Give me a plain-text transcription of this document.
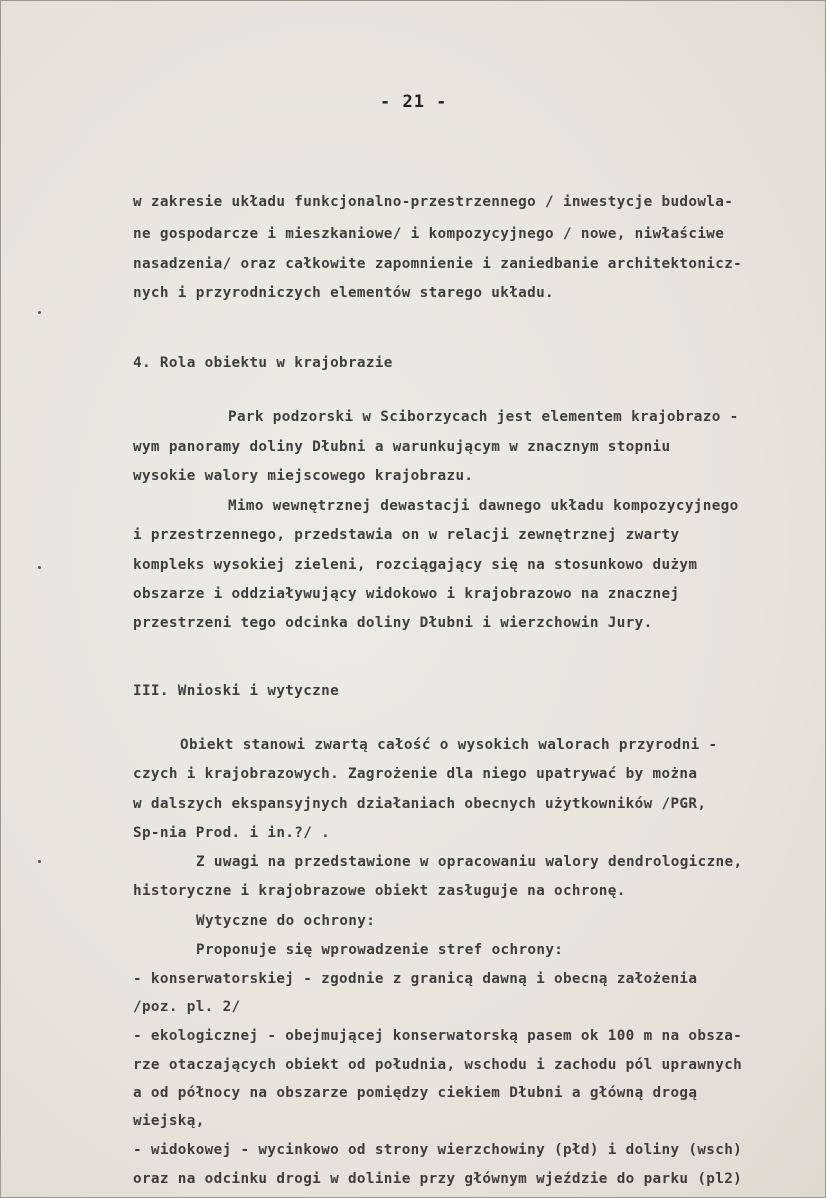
- 21 -
w zakresie układu funkcjonalno-przestrzennego / inwestycje budowla-
ne gospodarcze i mieszkaniowe/ i kompozycyjnego / nowe, niwłaściwe
nasadzenia/ oraz całkowite zapomnienie i zaniedbanie architektonicz-
nych i przyrodniczych elementów starego układu.
4. Rola obiektu w krajobrazie
Park podzorski w Sciborzycach jest elementem krajobrazo -
wym panoramy doliny Dłubni a warunkującym w znacznym stopniu
wysokie walory miejscowego krajobrazu.
Mimo wewnętrznej dewastacji dawnego układu kompozycyjnego
i przestrzennego, przedstawia on w relacji zewnętrznej zwarty
kompleks wysokiej zieleni, rozciągający się na stosunkowo dużym
obszarze i oddziaływujący widokowo i krajobrazowo na znacznej
przestrzeni tego odcinka doliny Dłubni i wierzchowin Jury.
III. Wnioski i wytyczne
Obiekt stanowi zwartą całość o wysokich walorach przyrodni -
czych i krajobrazowych. Zagrożenie dla niego upatrywać by można
w dalszych ekspansyjnych działaniach obecnych użytkowników /PGR,
Sp-nia Prod. i in.?/ .
Z uwagi na przedstawione w opracowaniu walory dendrologiczne,
historyczne i krajobrazowe obiekt zasługuje na ochronę.
Wytyczne do ochrony:
Proponuje się wprowadzenie stref ochrony:
- konserwatorskiej - zgodnie z granicą dawną i obecną założenia
/poz. pl. 2/
- ekologicznej - obejmującej konserwatorską pasem ok 100 m na obsza-
rze otaczających obiekt od południa, wschodu i zachodu pól uprawnych
a od północy na obszarze pomiędzy ciekiem Dłubni a główną drogą
wiejską,
- widokowej - wycinkowo od strony wierzchowiny (płd) i doliny (wsch)
oraz na odcinku drogi w dolinie przy głównym wjeździe do parku (pl2)
